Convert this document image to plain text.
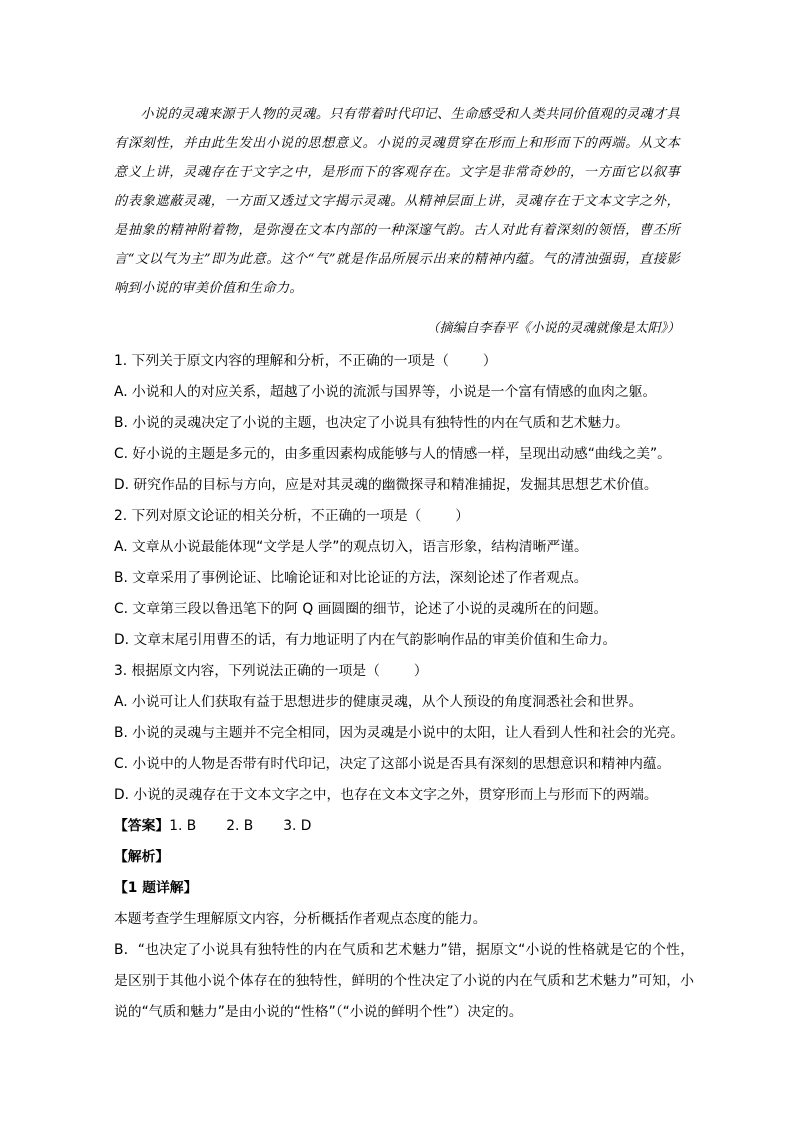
小说的灵魂来源于人物的灵魂。只有带着时代印记、生命感受和人类共同价值观的灵魂才具有深刻性，并由此生发出小说的思想意义。小说的灵魂贯穿在形而上和形而下的两端。从文本意义上讲，灵魂存在于文字之中，是形而下的客观存在。文字是非常奇妙的，一方面它以叙事的表象遮蔽灵魂，一方面又透过文字揭示灵魂。从精神层面上讲，灵魂存在于文本文字之外，是抽象的精神附着物，是弥漫在文本内部的一种深邃气韵。古人对此有着深刻的领悟，曹丕所言“文以气为主”即为此意。这个“气”就是作品所展示出来的精神内蕴。气的清浊强弱，直接影响到小说的审美价值和生命力。

（摘编自李春平《小说的灵魂就像是太阳》）

1. 下列关于原文内容的理解和分析，不正确的一项是（ ）

A. 小说和人的对应关系，超越了小说的流派与国界等，小说是一个富有情感的血肉之躯。

B. 小说的灵魂决定了小说的主题，也决定了小说具有独特性的内在气质和艺术魅力。

C. 好小说的主题是多元的，由多重因素构成能够与人的情感一样，呈现出动感“曲线之美”。

D. 研究作品的目标与方向，应是对其灵魂的幽微探寻和精准捕捉，发掘其思想艺术价值。

2. 下列对原文论证的相关分析，不正确的一项是（ ）

A. 文章从小说最能体现“文学是人学”的观点切入，语言形象，结构清晰严谨。

B. 文章采用了事例论证、比喻论证和对比论证的方法，深刻论述了作者观点。

C. 文章第三段以鲁迅笔下的阿 Q 画圆圈的细节，论述了小说的灵魂所在的问题。

D. 文章末尾引用曹丕的话，有力地证明了内在气韵影响作品的审美价值和生命力。

3. 根据原文内容，下列说法正确的一项是（ ）

A. 小说可让人们获取有益于思想进步的健康灵魂，从个人预设的角度洞悉社会和世界。

B. 小说的灵魂与主题并不完全相同，因为灵魂是小说中的太阳，让人看到人性和社会的光亮。

C. 小说中的人物是否带有时代印记，决定了这部小说是否具有深刻的思想意识和精神内蕴。

D. 小说的灵魂存在于文本文字之中，也存在文本文字之外，贯穿形而上与形而下的两端。

【答案】1. B 2. B 3. D

【解析】

【1 题详解】

本题考查学生理解原文内容，分析概括作者观点态度的能力。

B．“也决定了小说具有独特性的内在气质和艺术魅力”错，据原文“小说的性格就是它的个性，是区别于其他小说个体存在的独特性，鲜明的个性决定了小说的内在气质和艺术魅力”可知，小说的“气质和魅力”是由小说的“性格”（“小说的鲜明个性”）决定的。
